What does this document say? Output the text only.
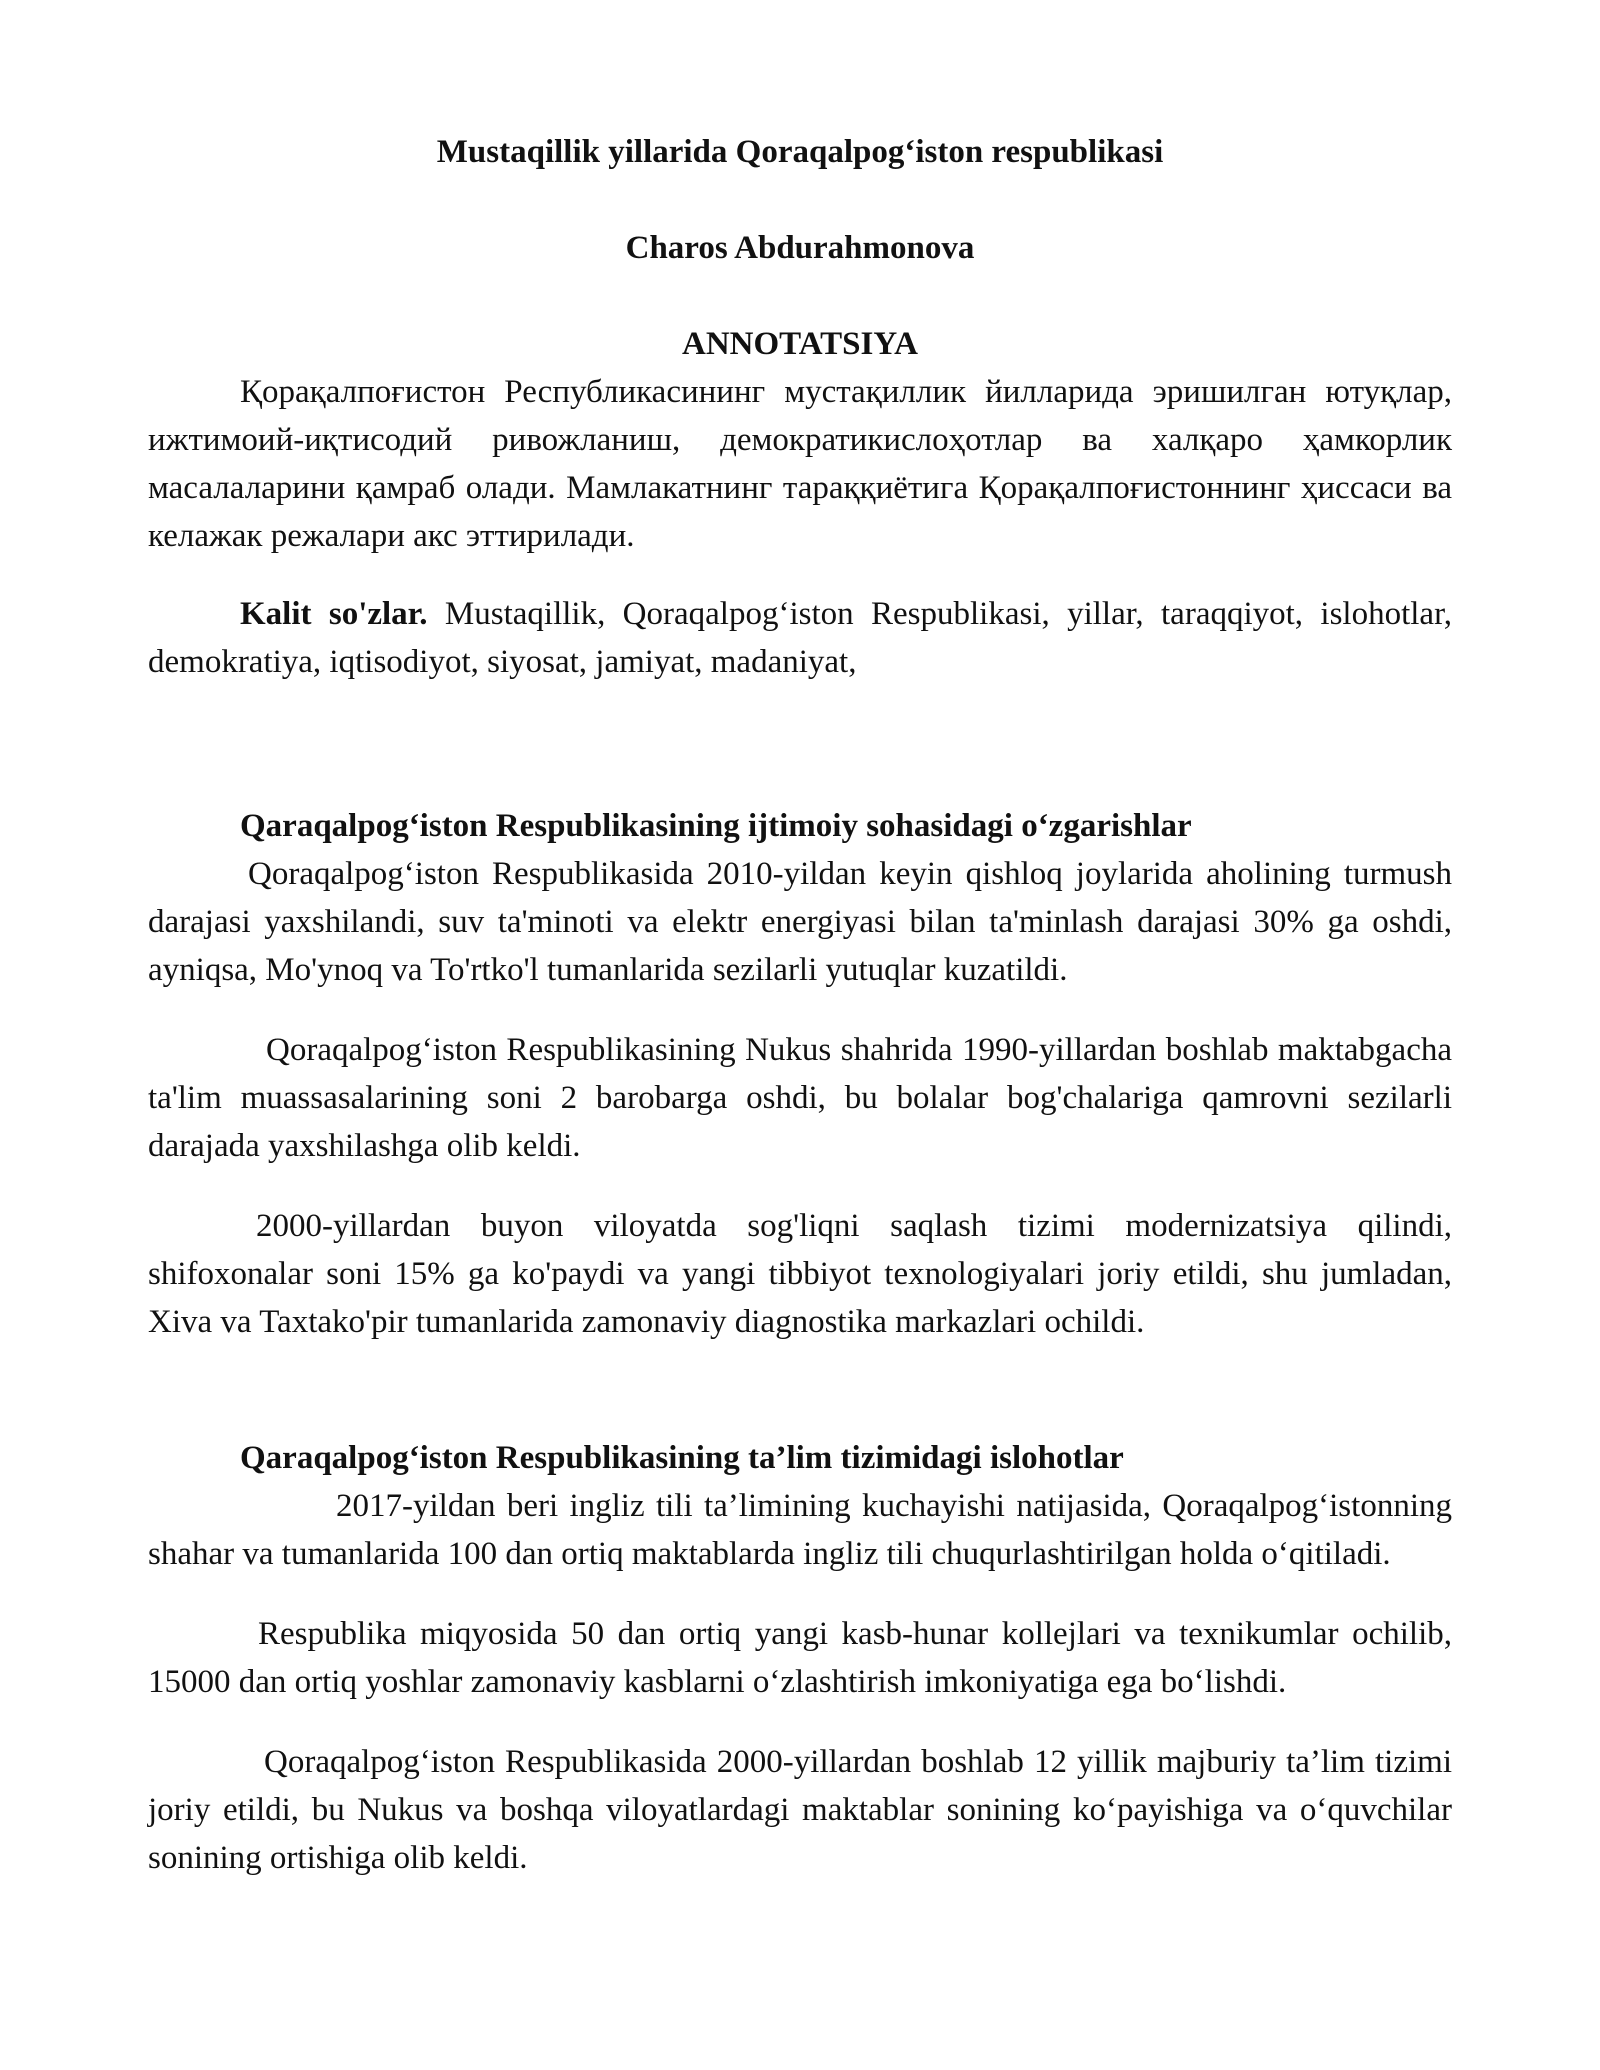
Mustaqillik yillarida Qoraqalpog‘iston respublikasi
Charos Abdurahmonova
ANNOTATSIYA

Қорақалпоғистон Республикасининг мустақиллик йилларида эришилган ютуқлар, ижтимоий-иқтисодий ривожланиш, демократикислоҳотлар ва халқаро ҳамкорлик масалаларини қамраб олади. Мамлакатнинг тараққиётига Қорақалпоғистоннинг ҳиссаси ва келажак режалари акс эттирилади.

Kalit so'zlar. Mustaqillik, Qoraqalpog‘iston Respublikasi, yillar, taraqqiyot, islohotlar, demokratiya, iqtisodiyot, siyosat, jamiyat, madaniyat,

Qaraqalpog‘iston Respublikasining ijtimoiy sohasidagi o‘zgarishlar

Qoraqalpog‘iston Respublikasida 2010-yildan keyin qishloq joylarida aholining turmush darajasi yaxshilandi, suv ta'minoti va elektr energiyasi bilan ta'minlash darajasi 30% ga oshdi, ayniqsa, Mo'ynoq va To'rtko'l tumanlarida sezilarli yutuqlar kuzatildi.

Qoraqalpog‘iston Respublikasining Nukus shahrida 1990-yillardan boshlab maktabgacha ta'lim muassasalarining soni 2 barobarga oshdi, bu bolalar bog'chalariga qamrovni sezilarli darajada yaxshilashga olib keldi.

2000-yillardan buyon viloyatda sog'liqni saqlash tizimi modernizatsiya qilindi, shifoxonalar soni 15% ga ko'paydi va yangi tibbiyot texnologiyalari joriy etildi, shu jumladan, Xiva va Taxtako'pir tumanlarida zamonaviy diagnostika markazlari ochildi.

Qaraqalpog‘iston Respublikasining ta’lim tizimidagi islohotlar

2017-yildan beri ingliz tili ta’limining kuchayishi natijasida, Qoraqalpog‘istonning shahar va tumanlarida 100 dan ortiq maktablarda ingliz tili chuqurlashtirilgan holda o‘qitiladi.

Respublika miqyosida 50 dan ortiq yangi kasb-hunar kollejlari va texnikumlar ochilib, 15000 dan ortiq yoshlar zamonaviy kasblarni o‘zlashtirish imkoniyatiga ega bo‘lishdi.

Qoraqalpog‘iston Respublikasida 2000-yillardan boshlab 12 yillik majburiy ta’lim tizimi joriy etildi, bu Nukus va boshqa viloyatlardagi maktablar sonining ko‘payishiga va o‘quvchilar sonining ortishiga olib keldi.
